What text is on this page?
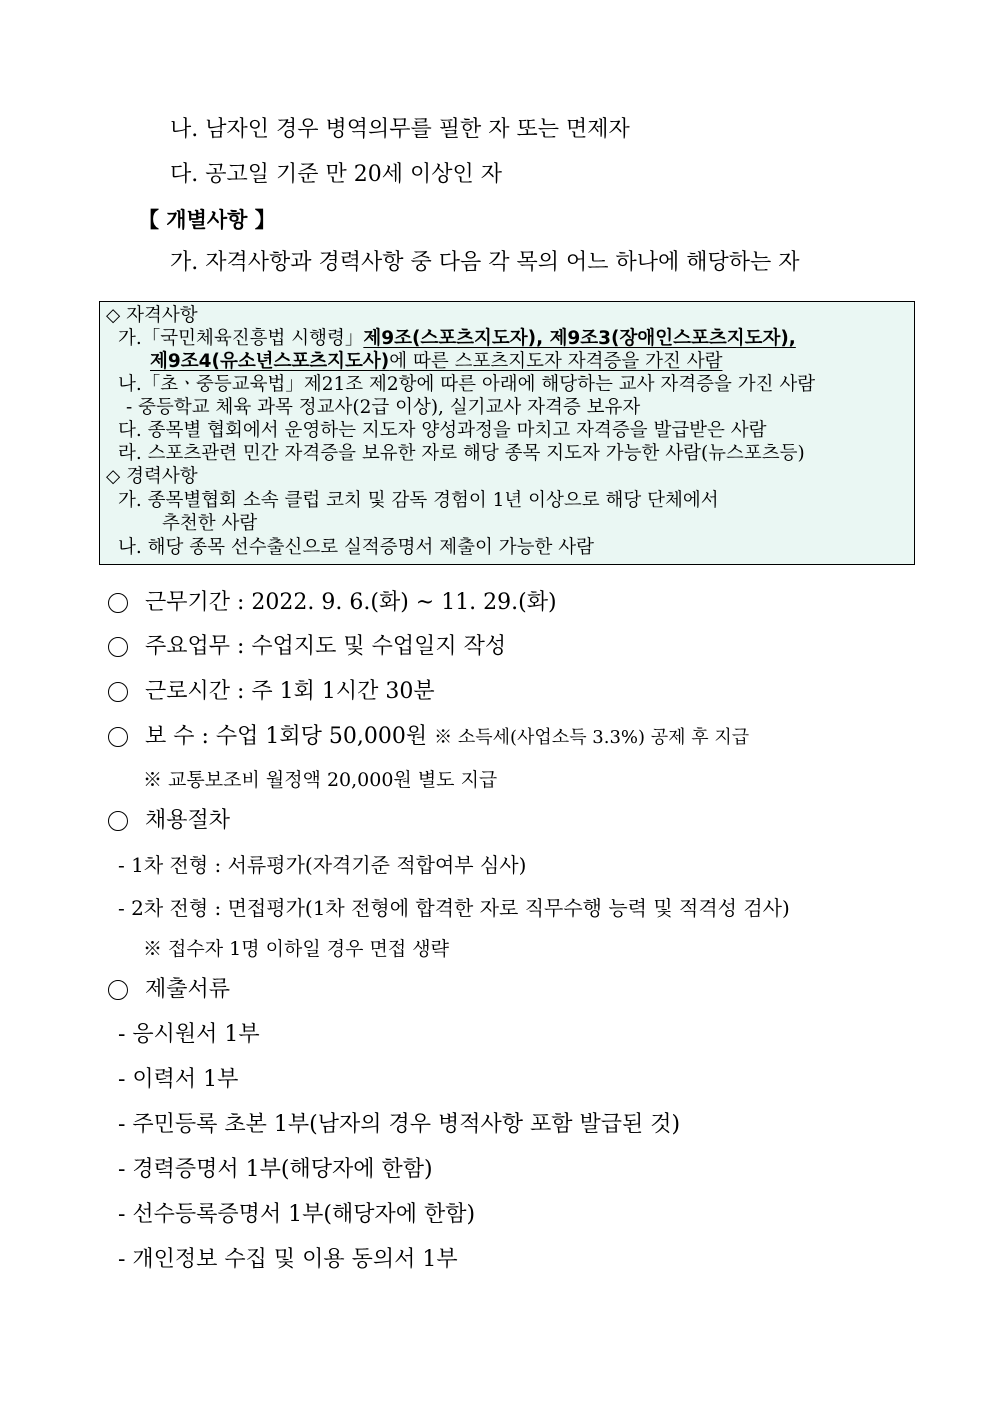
나. 남자인 경우 병역의무를 필한 자 또는 면제자
다. 공고일 기준 만 20세 이상인 자
【 개별사항 】
가. 자격사항과 경력사항 중 다음 각 목의 어느 하나에 해당하는 자
◇ 자격사항
가.「국민체육진흥법 시행령」제9조(스포츠지도자), 제9조3(장애인스포츠지도자),
제9조4(유소년스포츠지도사)에 따른 스포츠지도자 자격증을 가진 사람
나.「초ㆍ중등교육법」제21조 제2항에 따른 아래에 해당하는 교사 자격증을 가진 사람
- 중등학교 체육 과목 정교사(2급 이상), 실기교사 자격증 보유자
다. 종목별 협회에서 운영하는 지도자 양성과정을 마치고 자격증을 발급받은 사람
라. 스포츠관련 민간 자격증을 보유한 자로 해당 종목 지도자 가능한 사람(뉴스포츠등)
◇ 경력사항
가. 종목별협회 소속 클럽 코치 및 감독 경험이 1년 이상으로 해당 단체에서
추천한 사람
나. 해당 종목 선수출신으로 실적증명서 제출이 가능한 사람
근무기간 : 2022. 9. 6.(화) ~ 11. 29.(화)
주요업무 : 수업지도 및 수업일지 작성
근로시간 : 주 1회 1시간 30분
보 수 : 수업 1회당 50,000원 ※ 소득세(사업소득 3.3%) 공제 후 지급
※ 교통보조비 월정액 20,000원 별도 지급
채용절차
- 1차 전형 : 서류평가(자격기준 적합여부 심사)
- 2차 전형 : 면접평가(1차 전형에 합격한 자로 직무수행 능력 및 적격성 검사)
※ 접수자 1명 이하일 경우 면접 생략
제출서류
- 응시원서 1부
- 이력서 1부
- 주민등록 초본 1부(남자의 경우 병적사항 포함 발급된 것)
- 경력증명서 1부(해당자에 한함)
- 선수등록증명서 1부(해당자에 한함)
- 개인정보 수집 및 이용 동의서 1부
